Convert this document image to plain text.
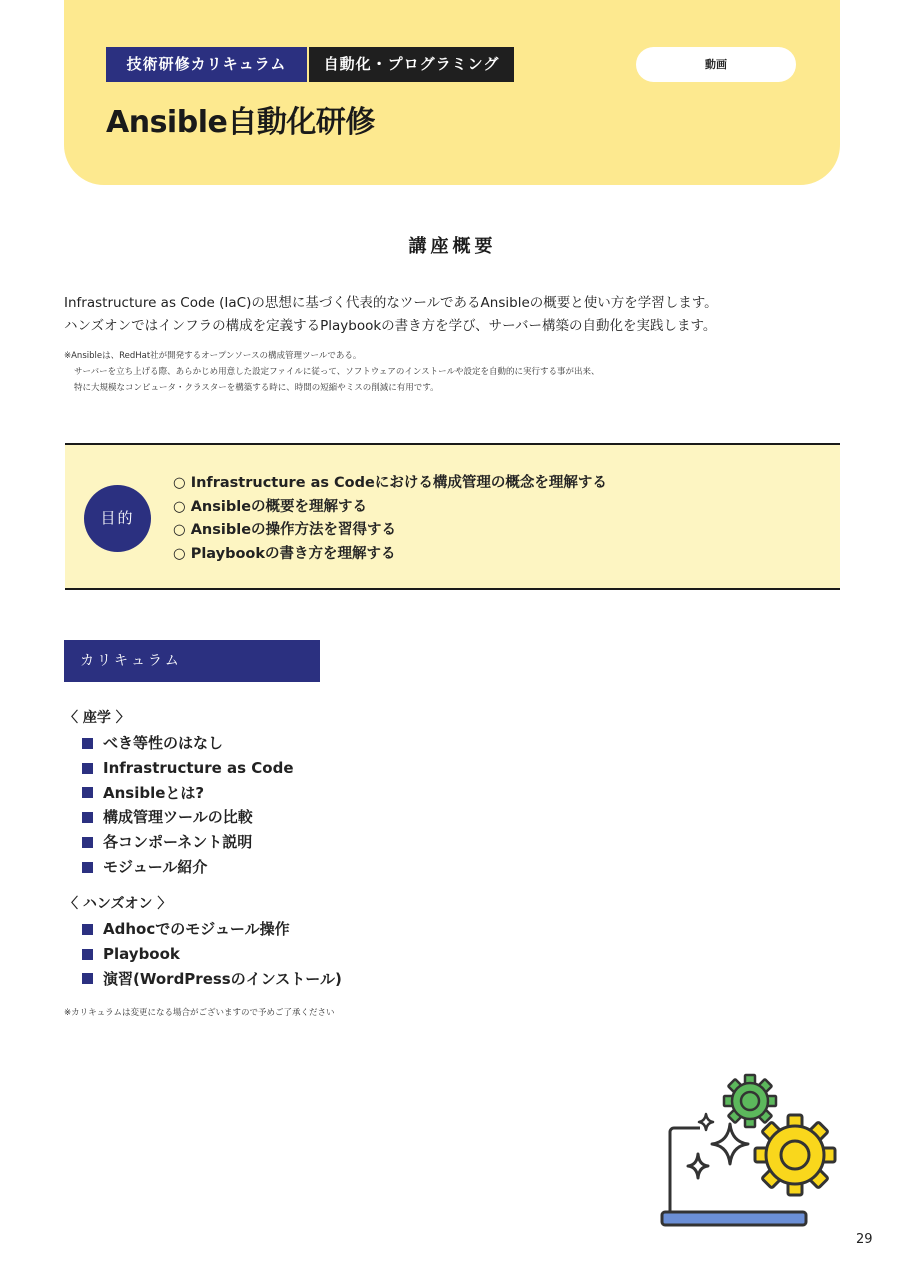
技術研修カリキュラム	自動化・プログラミング	動画
Ansible自動化研修
講座概要
Infrastructure as Code (IaC)の思想に基づく代表的なツールであるAnsibleの概要と使い方を学習します。
ハンズオンではインフラの構成を定義するPlaybookの書き方を学び、サーバー構築の自動化を実践します。
※Ansibleは、RedHat社が開発するオープンソースの構成管理ツールである。
サーバーを立ち上げる際、あらかじめ用意した設定ファイルに従って、ソフトウェアのインストールや設定を自動的に実行する事が出来、
特に大規模なコンピュータ・クラスターを構築する時に、時間の短縮やミスの削減に有用です。
目的
○ Infrastructure as Codeにおける構成管理の概念を理解する
○ Ansibleの概要を理解する
○ Ansibleの操作方法を習得する
○ Playbookの書き方を理解する
カリキュラム
〈 座学 〉
べき等性のはなし
Infrastructure as Code
Ansibleとは?
構成管理ツールの比較
各コンポーネント説明
モジュール紹介
〈 ハンズオン 〉
Adhocでのモジュール操作
Playbook
演習(WordPressのインストール)
※カリキュラムは変更になる場合がございますので予めご了承ください
29
